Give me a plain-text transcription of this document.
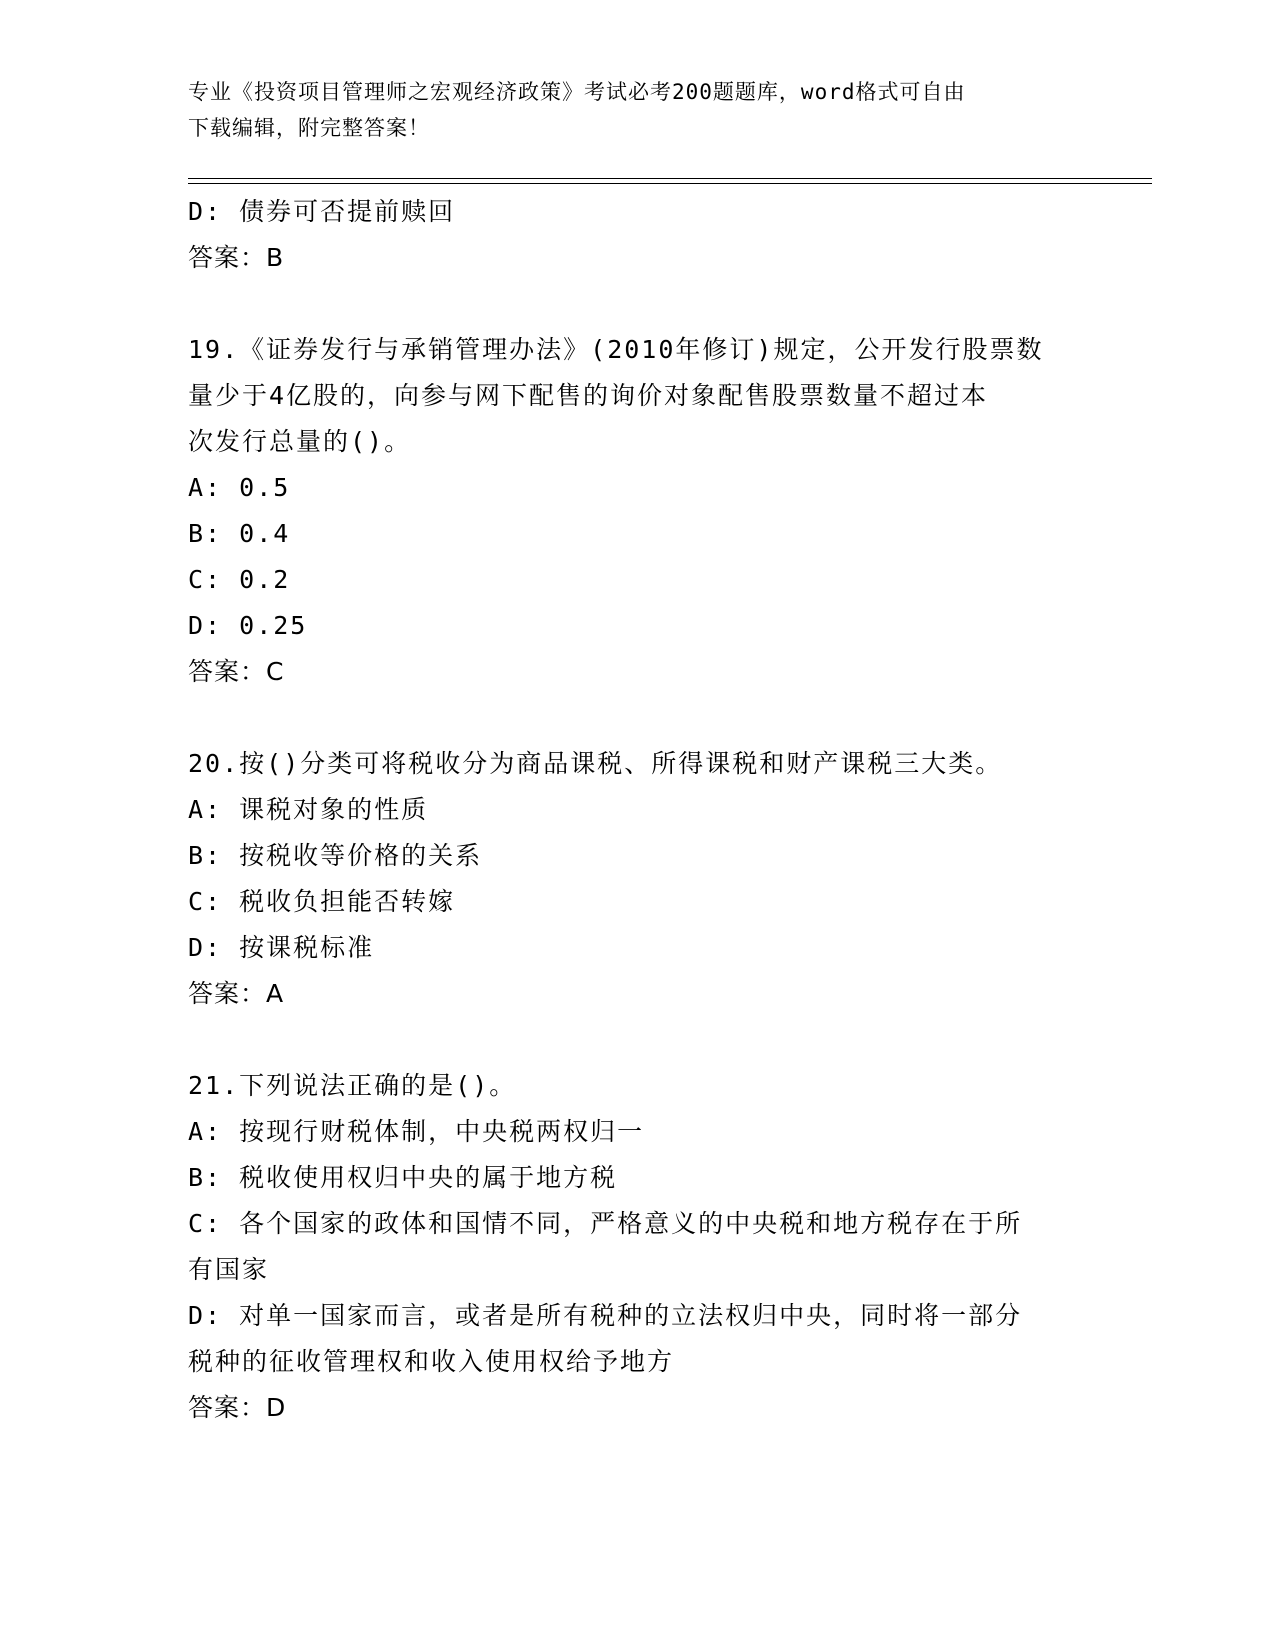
专业《投资项目管理师之宏观经济政策》考试必考200题题库，word格式可自由
下载编辑，附完整答案！
D: 债券可否提前赎回
答案：B
19.《证券发行与承销管理办法》(2010年修订)规定，公开发行股票数
量少于4亿股的，向参与网下配售的询价对象配售股票数量不超过本
次发行总量的()。
A: 0.5
B: 0.4
C: 0.2
D: 0.25
答案：C
20.按()分类可将税收分为商品课税、所得课税和财产课税三大类。
A: 课税对象的性质
B: 按税收等价格的关系
C: 税收负担能否转嫁
D: 按课税标准
答案：A
21.下列说法正确的是()。
A: 按现行财税体制，中央税两权归一
B: 税收使用权归中央的属于地方税
C: 各个国家的政体和国情不同，严格意义的中央税和地方税存在于所
有国家
D: 对单一国家而言，或者是所有税种的立法权归中央，同时将一部分
税种的征收管理权和收入使用权给予地方
答案：D
